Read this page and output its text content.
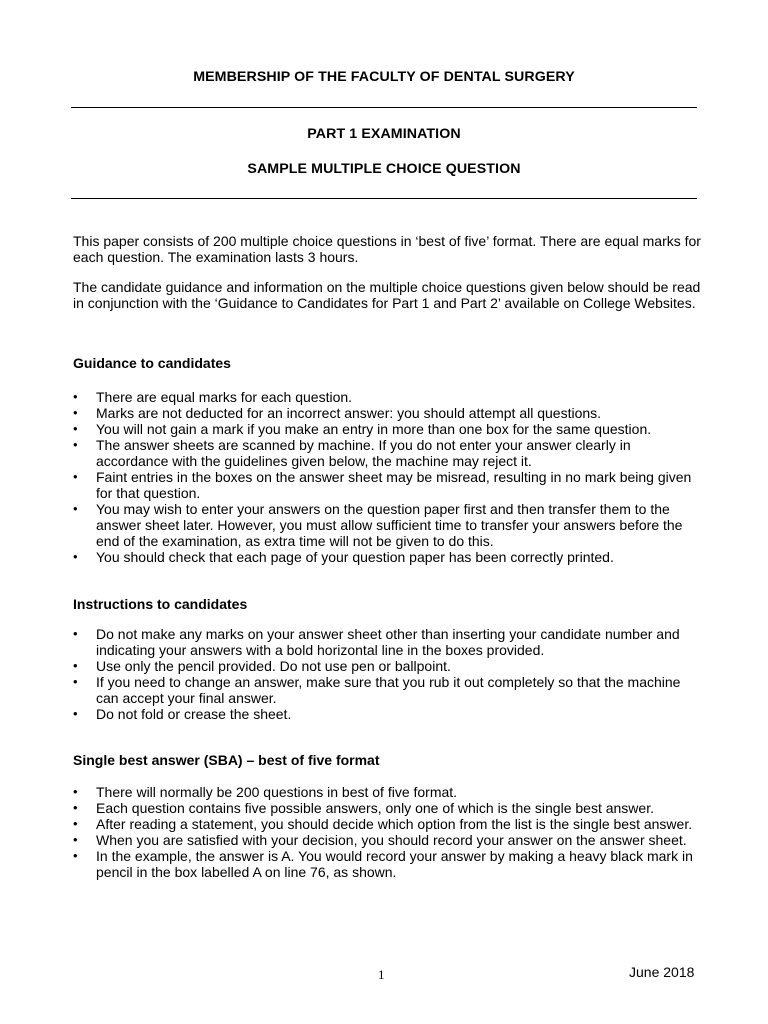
MEMBERSHIP OF THE FACULTY OF DENTAL SURGERY
PART 1 EXAMINATION
SAMPLE MULTIPLE CHOICE QUESTION

This paper consists of 200 multiple choice questions in ‘best of five’ format. There are equal marks for each question. The examination lasts 3 hours.

The candidate guidance and information on the multiple choice questions given below should be read in conjunction with the ‘Guidance to Candidates for Part 1 and Part 2’ available on College Websites.

Guidance to candidates

• There are equal marks for each question.
• Marks are not deducted for an incorrect answer: you should attempt all questions.
• You will not gain a mark if you make an entry in more than one box for the same question.
• The answer sheets are scanned by machine. If you do not enter your answer clearly in accordance with the guidelines given below, the machine may reject it.
• Faint entries in the boxes on the answer sheet may be misread, resulting in no mark being given for that question.
• You may wish to enter your answers on the question paper first and then transfer them to the answer sheet later. However, you must allow sufficient time to transfer your answers before the end of the examination, as extra time will not be given to do this.
• You should check that each page of your question paper has been correctly printed.

Instructions to candidates

• Do not make any marks on your answer sheet other than inserting your candidate number and indicating your answers with a bold horizontal line in the boxes provided.
• Use only the pencil provided. Do not use pen or ballpoint.
• If you need to change an answer, make sure that you rub it out completely so that the machine can accept your final answer.
• Do not fold or crease the sheet.

Single best answer (SBA) – best of five format

• There will normally be 200 questions in best of five format.
• Each question contains five possible answers, only one of which is the single best answer.
• After reading a statement, you should decide which option from the list is the single best answer.
• When you are satisfied with your decision, you should record your answer on the answer sheet.
• In the example, the answer is A. You would record your answer by making a heavy black mark in pencil in the box labelled A on line 76, as shown.
1	June 2018
